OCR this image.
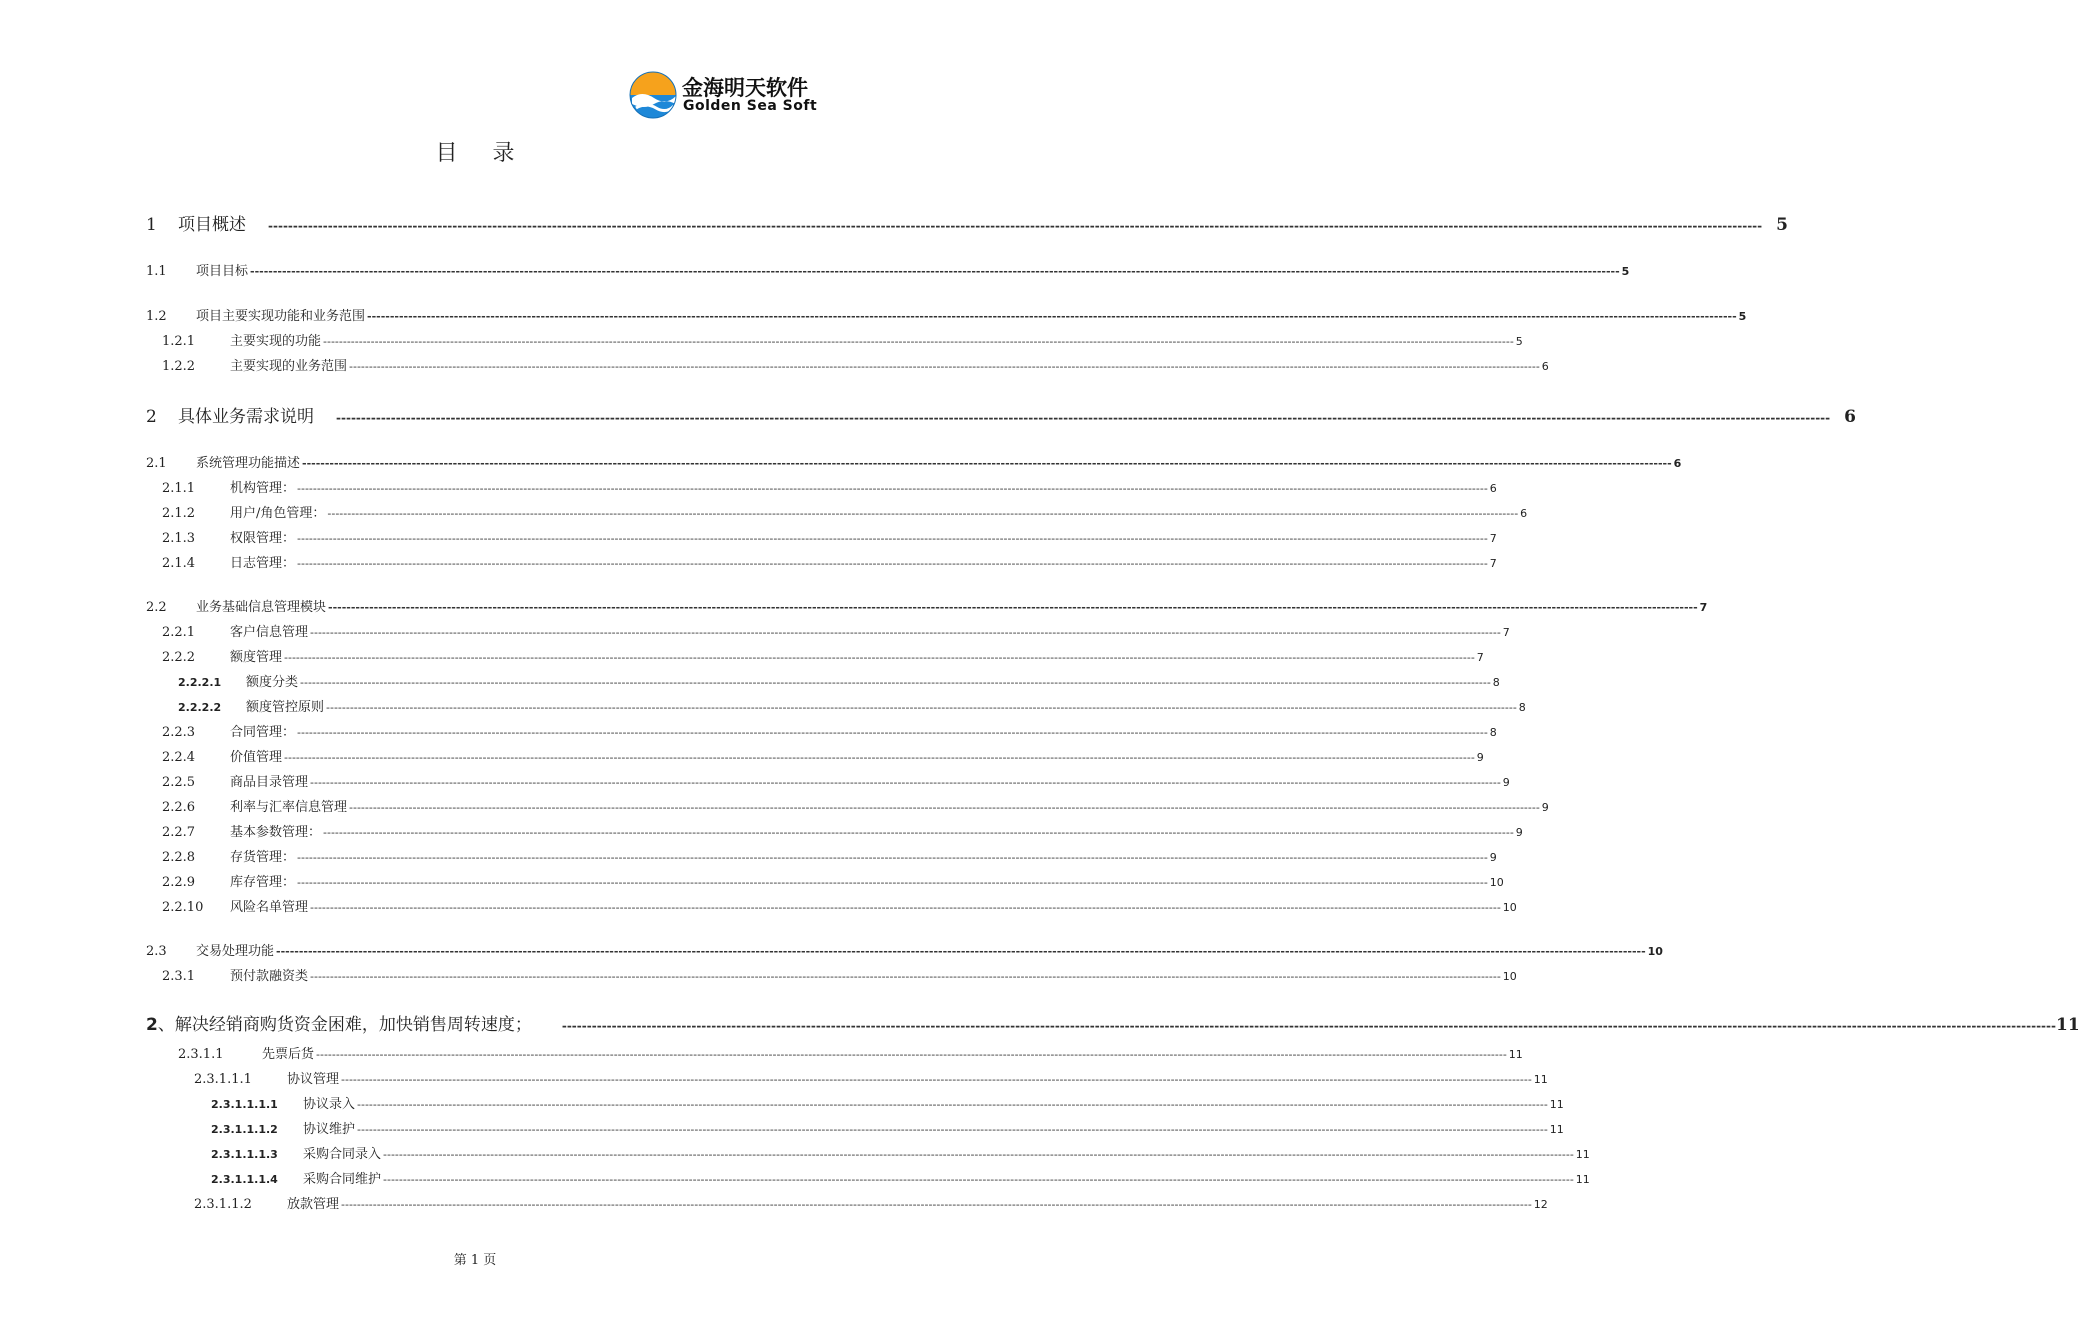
金海明天软件
Golden Sea Soft
目 录
1	项目概述 ------------------------------------------------------------------------------------------------------------------------------------------------------------------------------------------------------------------------------------------------------------------------------------------------------------ 5
1.1	项目目标 ------------------------------------------------------------------------------------------------------------------------------------------------------------------------------------------------------------------------------------------------------------------------------------------------------------ 5
1.2	项目主要实现功能和业务范围 ------------------------------------------------------------------------------------------------------------------------------------------------------------------------------------------------------------------------------------------------------------------------------------------------------------ 5
1.2.1	主要实现的功能 ------------------------------------------------------------------------------------------------------------------------------------------------------------------------------------------------------------------------------------------------------------------------------------------------------------ 5
1.2.2	主要实现的业务范围 ------------------------------------------------------------------------------------------------------------------------------------------------------------------------------------------------------------------------------------------------------------------------------------------------------------ 6
2	具体业务需求说明 ------------------------------------------------------------------------------------------------------------------------------------------------------------------------------------------------------------------------------------------------------------------------------------------------------------ 6
2.1	系统管理功能描述 ------------------------------------------------------------------------------------------------------------------------------------------------------------------------------------------------------------------------------------------------------------------------------------------------------------ 6
2.1.1	机构管理： ------------------------------------------------------------------------------------------------------------------------------------------------------------------------------------------------------------------------------------------------------------------------------------------------------------ 6
2.1.2	用户/角色管理： ------------------------------------------------------------------------------------------------------------------------------------------------------------------------------------------------------------------------------------------------------------------------------------------------------------ 6
2.1.3	权限管理： ------------------------------------------------------------------------------------------------------------------------------------------------------------------------------------------------------------------------------------------------------------------------------------------------------------ 7
2.1.4	日志管理： ------------------------------------------------------------------------------------------------------------------------------------------------------------------------------------------------------------------------------------------------------------------------------------------------------------ 7
2.2	业务基础信息管理模块 ------------------------------------------------------------------------------------------------------------------------------------------------------------------------------------------------------------------------------------------------------------------------------------------------------------ 7
2.2.1	客户信息管理 ------------------------------------------------------------------------------------------------------------------------------------------------------------------------------------------------------------------------------------------------------------------------------------------------------------ 7
2.2.2	额度管理 ------------------------------------------------------------------------------------------------------------------------------------------------------------------------------------------------------------------------------------------------------------------------------------------------------------ 7
2.2.2.1	额度分类 ------------------------------------------------------------------------------------------------------------------------------------------------------------------------------------------------------------------------------------------------------------------------------------------------------------ 8
2.2.2.2	额度管控原则 ------------------------------------------------------------------------------------------------------------------------------------------------------------------------------------------------------------------------------------------------------------------------------------------------------------ 8
2.2.3	合同管理： ------------------------------------------------------------------------------------------------------------------------------------------------------------------------------------------------------------------------------------------------------------------------------------------------------------ 8
2.2.4	价值管理 ------------------------------------------------------------------------------------------------------------------------------------------------------------------------------------------------------------------------------------------------------------------------------------------------------------ 9
2.2.5	商品目录管理 ------------------------------------------------------------------------------------------------------------------------------------------------------------------------------------------------------------------------------------------------------------------------------------------------------------ 9
2.2.6	利率与汇率信息管理 ------------------------------------------------------------------------------------------------------------------------------------------------------------------------------------------------------------------------------------------------------------------------------------------------------------ 9
2.2.7	基本参数管理： ------------------------------------------------------------------------------------------------------------------------------------------------------------------------------------------------------------------------------------------------------------------------------------------------------------ 9
2.2.8	存货管理： ------------------------------------------------------------------------------------------------------------------------------------------------------------------------------------------------------------------------------------------------------------------------------------------------------------ 9
2.2.9	库存管理： ------------------------------------------------------------------------------------------------------------------------------------------------------------------------------------------------------------------------------------------------------------------------------------------------------------ 10
2.2.10	风险名单管理 ------------------------------------------------------------------------------------------------------------------------------------------------------------------------------------------------------------------------------------------------------------------------------------------------------------ 10
2.3	交易处理功能 ------------------------------------------------------------------------------------------------------------------------------------------------------------------------------------------------------------------------------------------------------------------------------------------------------------ 10
2.3.1	预付款融资类 ------------------------------------------------------------------------------------------------------------------------------------------------------------------------------------------------------------------------------------------------------------------------------------------------------------ 10
2 、解决经销商购货资金困难，加快销售周转速度；	------------------------------------------------------------------------------------------------------------------------------------------------------------------------------------------------------------------------------------------------------------------------------------------------------------ 11
2.3.1.1	先票后货 ------------------------------------------------------------------------------------------------------------------------------------------------------------------------------------------------------------------------------------------------------------------------------------------------------------ 11
2.3.1.1.1	协议管理 ------------------------------------------------------------------------------------------------------------------------------------------------------------------------------------------------------------------------------------------------------------------------------------------------------------ 11
2.3.1.1.1.1	协议录入 ------------------------------------------------------------------------------------------------------------------------------------------------------------------------------------------------------------------------------------------------------------------------------------------------------------ 11
2.3.1.1.1.2	协议维护 ------------------------------------------------------------------------------------------------------------------------------------------------------------------------------------------------------------------------------------------------------------------------------------------------------------ 11
2.3.1.1.1.3	采购合同录入 ------------------------------------------------------------------------------------------------------------------------------------------------------------------------------------------------------------------------------------------------------------------------------------------------------------ 11
2.3.1.1.1.4	采购合同维护 ------------------------------------------------------------------------------------------------------------------------------------------------------------------------------------------------------------------------------------------------------------------------------------------------------------ 11
2.3.1.1.2	放款管理 ------------------------------------------------------------------------------------------------------------------------------------------------------------------------------------------------------------------------------------------------------------------------------------------------------------ 12
第 1 页
